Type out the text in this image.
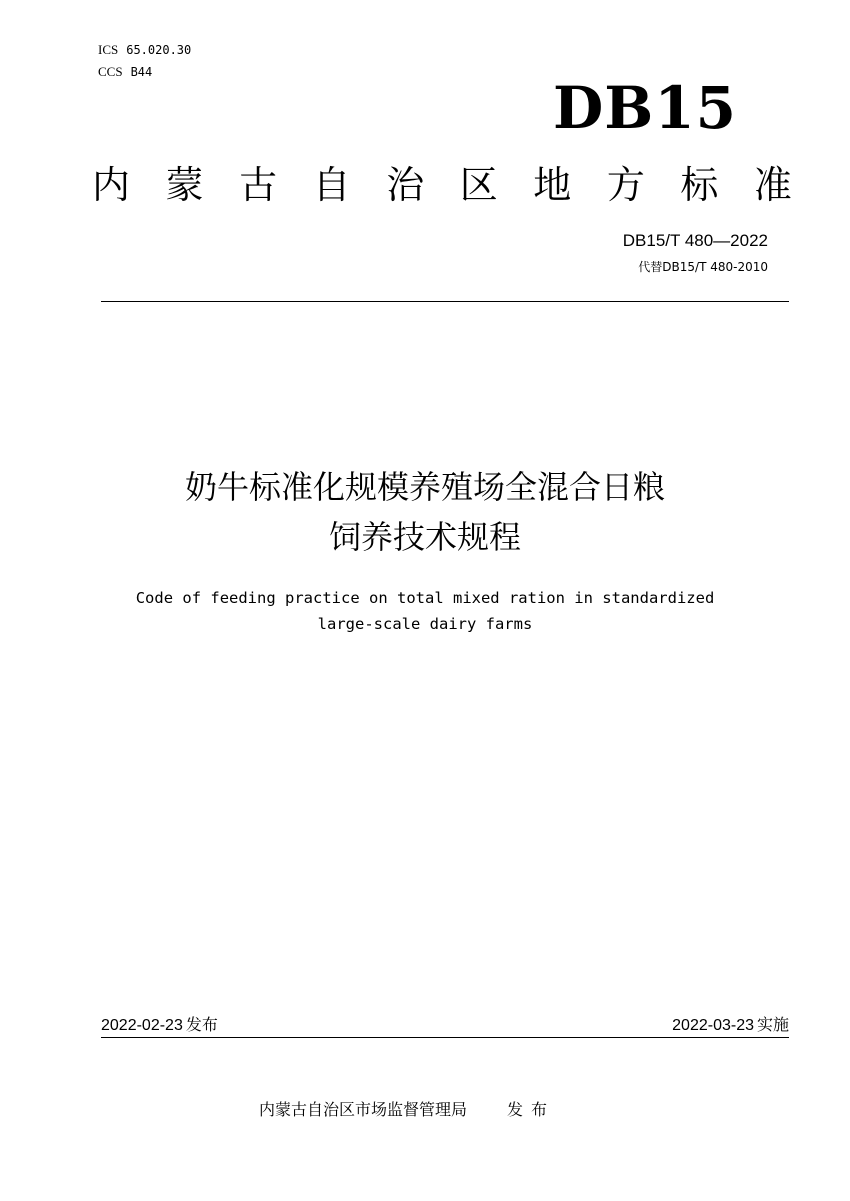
ICS 65.020.30
CCS B44
DB15
内 蒙 古 自 治 区 地 方 标 准
DB15/T 480—2022
代替DB15/T 480-2010
奶牛标准化规模养殖场全混合日粮
饲养技术规程
Code of feeding practice on total mixed ration in standardized
large-scale dairy farms
2022-02-23 发布	2022-03-23 实施
内蒙古自治区市场监督管理局	发布
